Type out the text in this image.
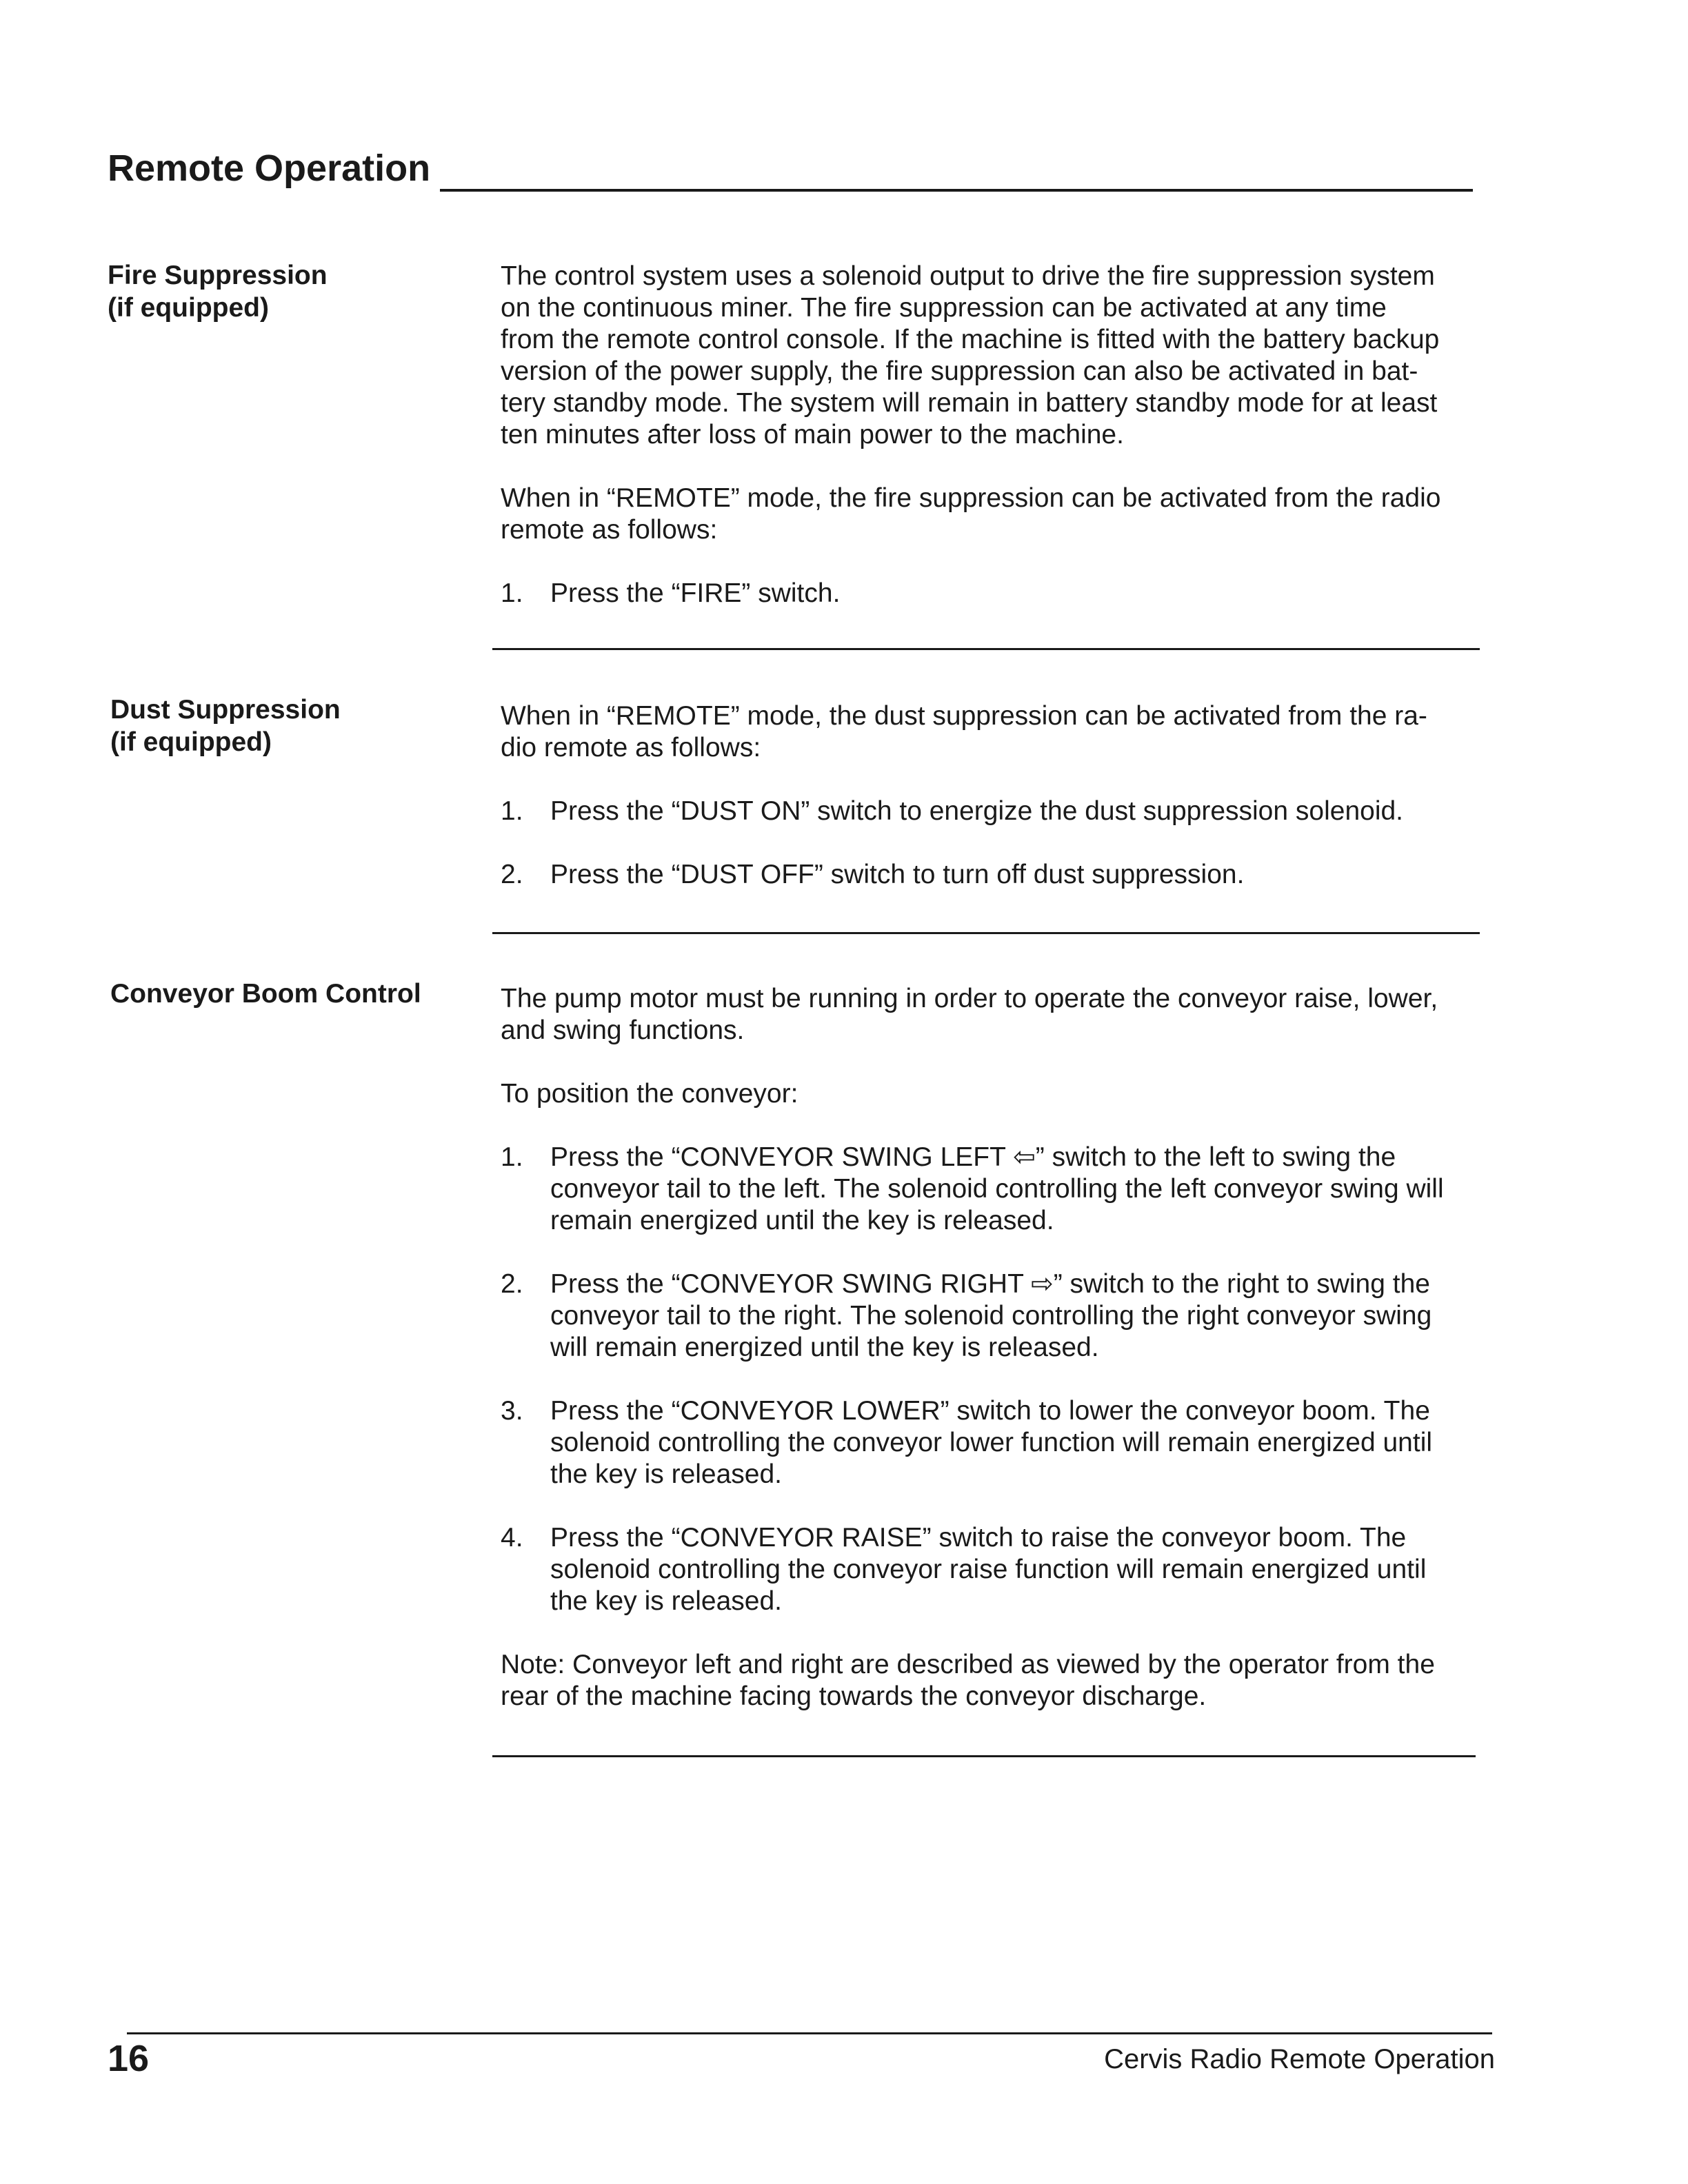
Remote Operation
Fire Suppression
(if equipped)

The control system uses a solenoid output to drive the fire suppression system
on the continuous miner. The fire suppression can be activated at any time
from the remote control console. If the machine is fitted with the battery backup
version of the power supply, the fire suppression can also be activated in bat-
tery standby mode. The system will remain in battery standby mode for at least
ten minutes after loss of main power to the machine.

When in “REMOTE” mode, the fire suppression can be activated from the radio
remote as follows:

1.	Press the “FIRE” switch.
Dust Suppression
(if equipped)

When in “REMOTE” mode, the dust suppression can be activated from the ra-
dio remote as follows:

1.	Press the “DUST ON” switch to energize the dust suppression solenoid.
2.	Press the “DUST OFF” switch to turn off dust suppression.
Conveyor Boom Control	The pump motor must be running in order to operate the conveyor raise, lower,
and swing functions.

To position the conveyor:

1.	Press the “CONVEYOR SWING LEFT ⇦” switch to the left to swing the
conveyor tail to the left. The solenoid controlling the left conveyor swing will
remain energized until the key is released.
2.	Press the “CONVEYOR SWING RIGHT ⇨” switch to the right to swing the
conveyor tail to the right. The solenoid controlling the right conveyor swing
will remain energized until the key is released.
3.	Press the “CONVEYOR LOWER” switch to lower the conveyor boom. The
solenoid controlling the conveyor lower function will remain energized until
the key is released.
4.	Press the “CONVEYOR RAISE” switch to raise the conveyor boom. The
solenoid controlling the conveyor raise function will remain energized until
the key is released.

Note: Conveyor left and right are described as viewed by the operator from the
rear of the machine facing towards the conveyor discharge.

16	Cervis Radio Remote Operation
